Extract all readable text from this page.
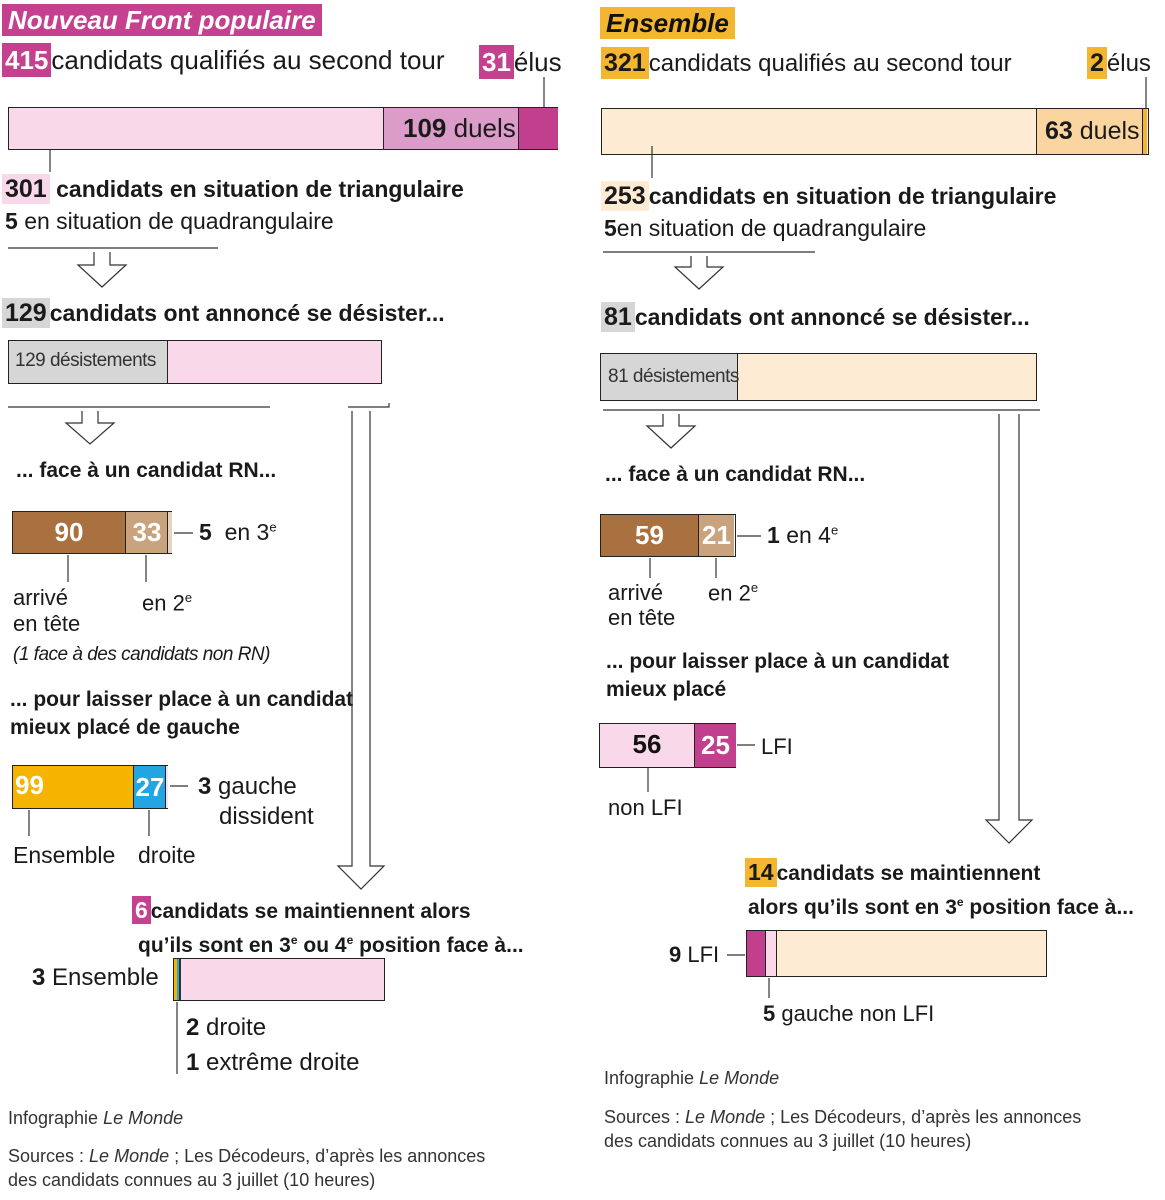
Nouveau Front populaire
415 candidats qualifiés au second tour 31 élus
109 duels
301 candidats en situation de triangulaire
5 en situation de quadrangulaire
129 candidats ont annoncé se désister...
129 désistements
... face à un candidat RN...
90	33 5 en 3e
arrivé
en tête
en 2e
(1 face à des candidats non RN)
... pour laisser place à un candidat
mieux placé de gauche
99	27 3 gauche
dissident
Ensemble droite
6 candidats se maintiennent alors
qu’ils sont en 3e ou 4e position face à...
3 Ensemble
2 droite
1 extrême droite
Infographie Le Monde
Sources : Le Monde ; Les Décodeurs, d’après les annonces
des candidats connues au 3 juillet (10 heures)
Ensemble
321 candidats qualifiés au second tour	2 élus
63 duels
253 candidats en situation de triangulaire
5en situation de quadrangulaire
81 candidats ont annoncé se désister...
81 désistements
... face à un candidat RN...
59	21 1 en 4e
arrivé
en tête
en 2e
... pour laisser place à un candidat
mieux placé
56	25 LFI
non LFI
14 candidats se maintiennent
alors qu’ils sont en 3e position face à...
9 LFI
5 gauche non LFI
Infographie Le Monde
Sources : Le Monde ; Les Décodeurs, d’après les annonces
des candidats connues au 3 juillet (10 heures)
